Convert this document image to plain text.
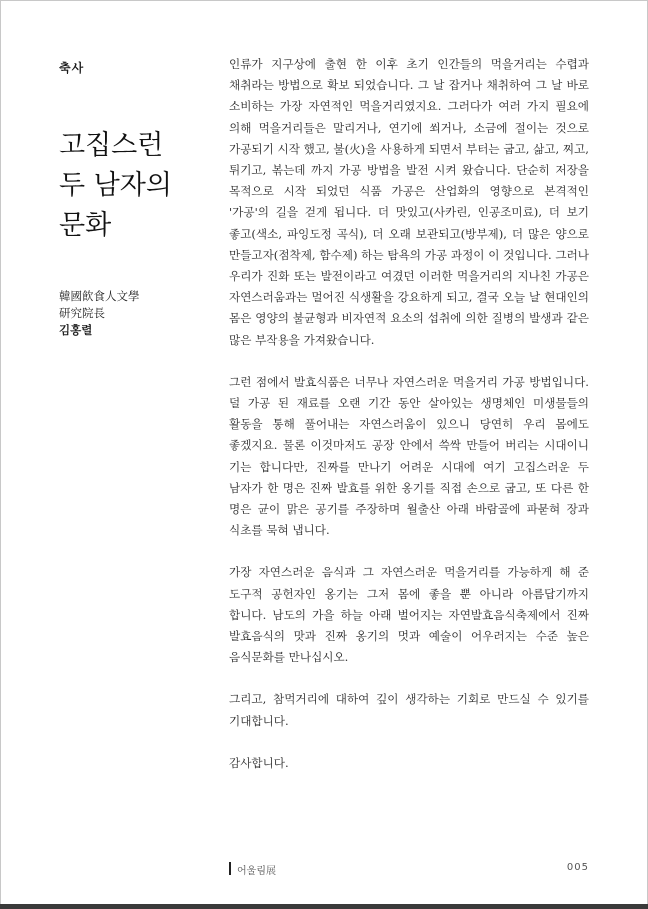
축사

고집스런
두 남자의
문화
韓國飮食人文學
研究院長
김홍렬

인류가 지구상에 출현 한 이후 초기 인간들의 먹을거리는 수렵과 채취라는 방법으로 확보 되었습니다. 그 날 잡거나 채취하여 그 날 바로 소비하는 가장 자연적인 먹을거리였지요. 그러다가 여러 가지 필요에 의해 먹을거리들은 말리거나, 연기에 쐬거나, 소금에 절이는 것으로 가공되기 시작 했고, 불(火)을 사용하게 되면서 부터는 굽고, 삶고, 찌고, 튀기고, 볶는데 까지 가공 방법을 발전 시켜 왔습니다. 단순히 저장을 목적으로 시작 되었던 식품 가공은 산업화의 영향으로 본격적인 '가공'의 길을 걷게 됩니다. 더 맛있고(사카린, 인공조미료), 더 보기 좋고(색소, 파잉도정 곡식), 더 오래 보관되고(방부제), 더 많은 양으로 만들고자(점착제, 함수제) 하는 탐욕의 가공 과정이 이 것입니다. 그러나 우리가 진화 또는 발전이라고 여겼던 이러한 먹을거리의 지나친 가공은 자연스러움과는 멀어진 식생활을 강요하게 되고, 결국 오늘 날 현대인의 몸은 영양의 불균형과 비자연적 요소의 섭취에 의한 질병의 발생과 같은 많은 부작용을 가져왔습니다.

그런 점에서 발효식품은 너무나 자연스러운 먹을거리 가공 방법입니다. 덜 가공 된 재료를 오랜 기간 동안 살아있는 생명체인 미생물들의 활동을 통해 풀어내는 자연스러움이 있으니 당연히 우리 몸에도 좋겠지요. 물론 이것마저도 공장 안에서 쓱싹 만들어 버리는 시대이니 기는 합니다만, 진짜를 만나기 어려운 시대에 여기 고집스러운 두 남자가 한 명은 진짜 발효를 위한 옹기를 직접 손으로 굽고, 또 다른 한 명은 균이 맑은 공기를 주장하며 월출산 아래 바람골에 파묻혀 장과 식초를 묵혀 냅니다.

가장 자연스러운 음식과 그 자연스러운 먹을거리를 가능하게 해 준 도구적 공헌자인 옹기는 그저 몸에 좋을 뿐 아니라 아름답기까지 합니다. 남도의 가을 하늘 아래 벌어지는 자연발효음식축제에서 진짜 발효음식의 맛과 진짜 옹기의 멋과 예술이 어우러지는 수준 높은 음식문화를 만나십시오.

그리고, 참먹거리에 대하여 깊이 생각하는 기회로 만드실 수 있기를 기대합니다.

감사합니다.

어울림展	005
